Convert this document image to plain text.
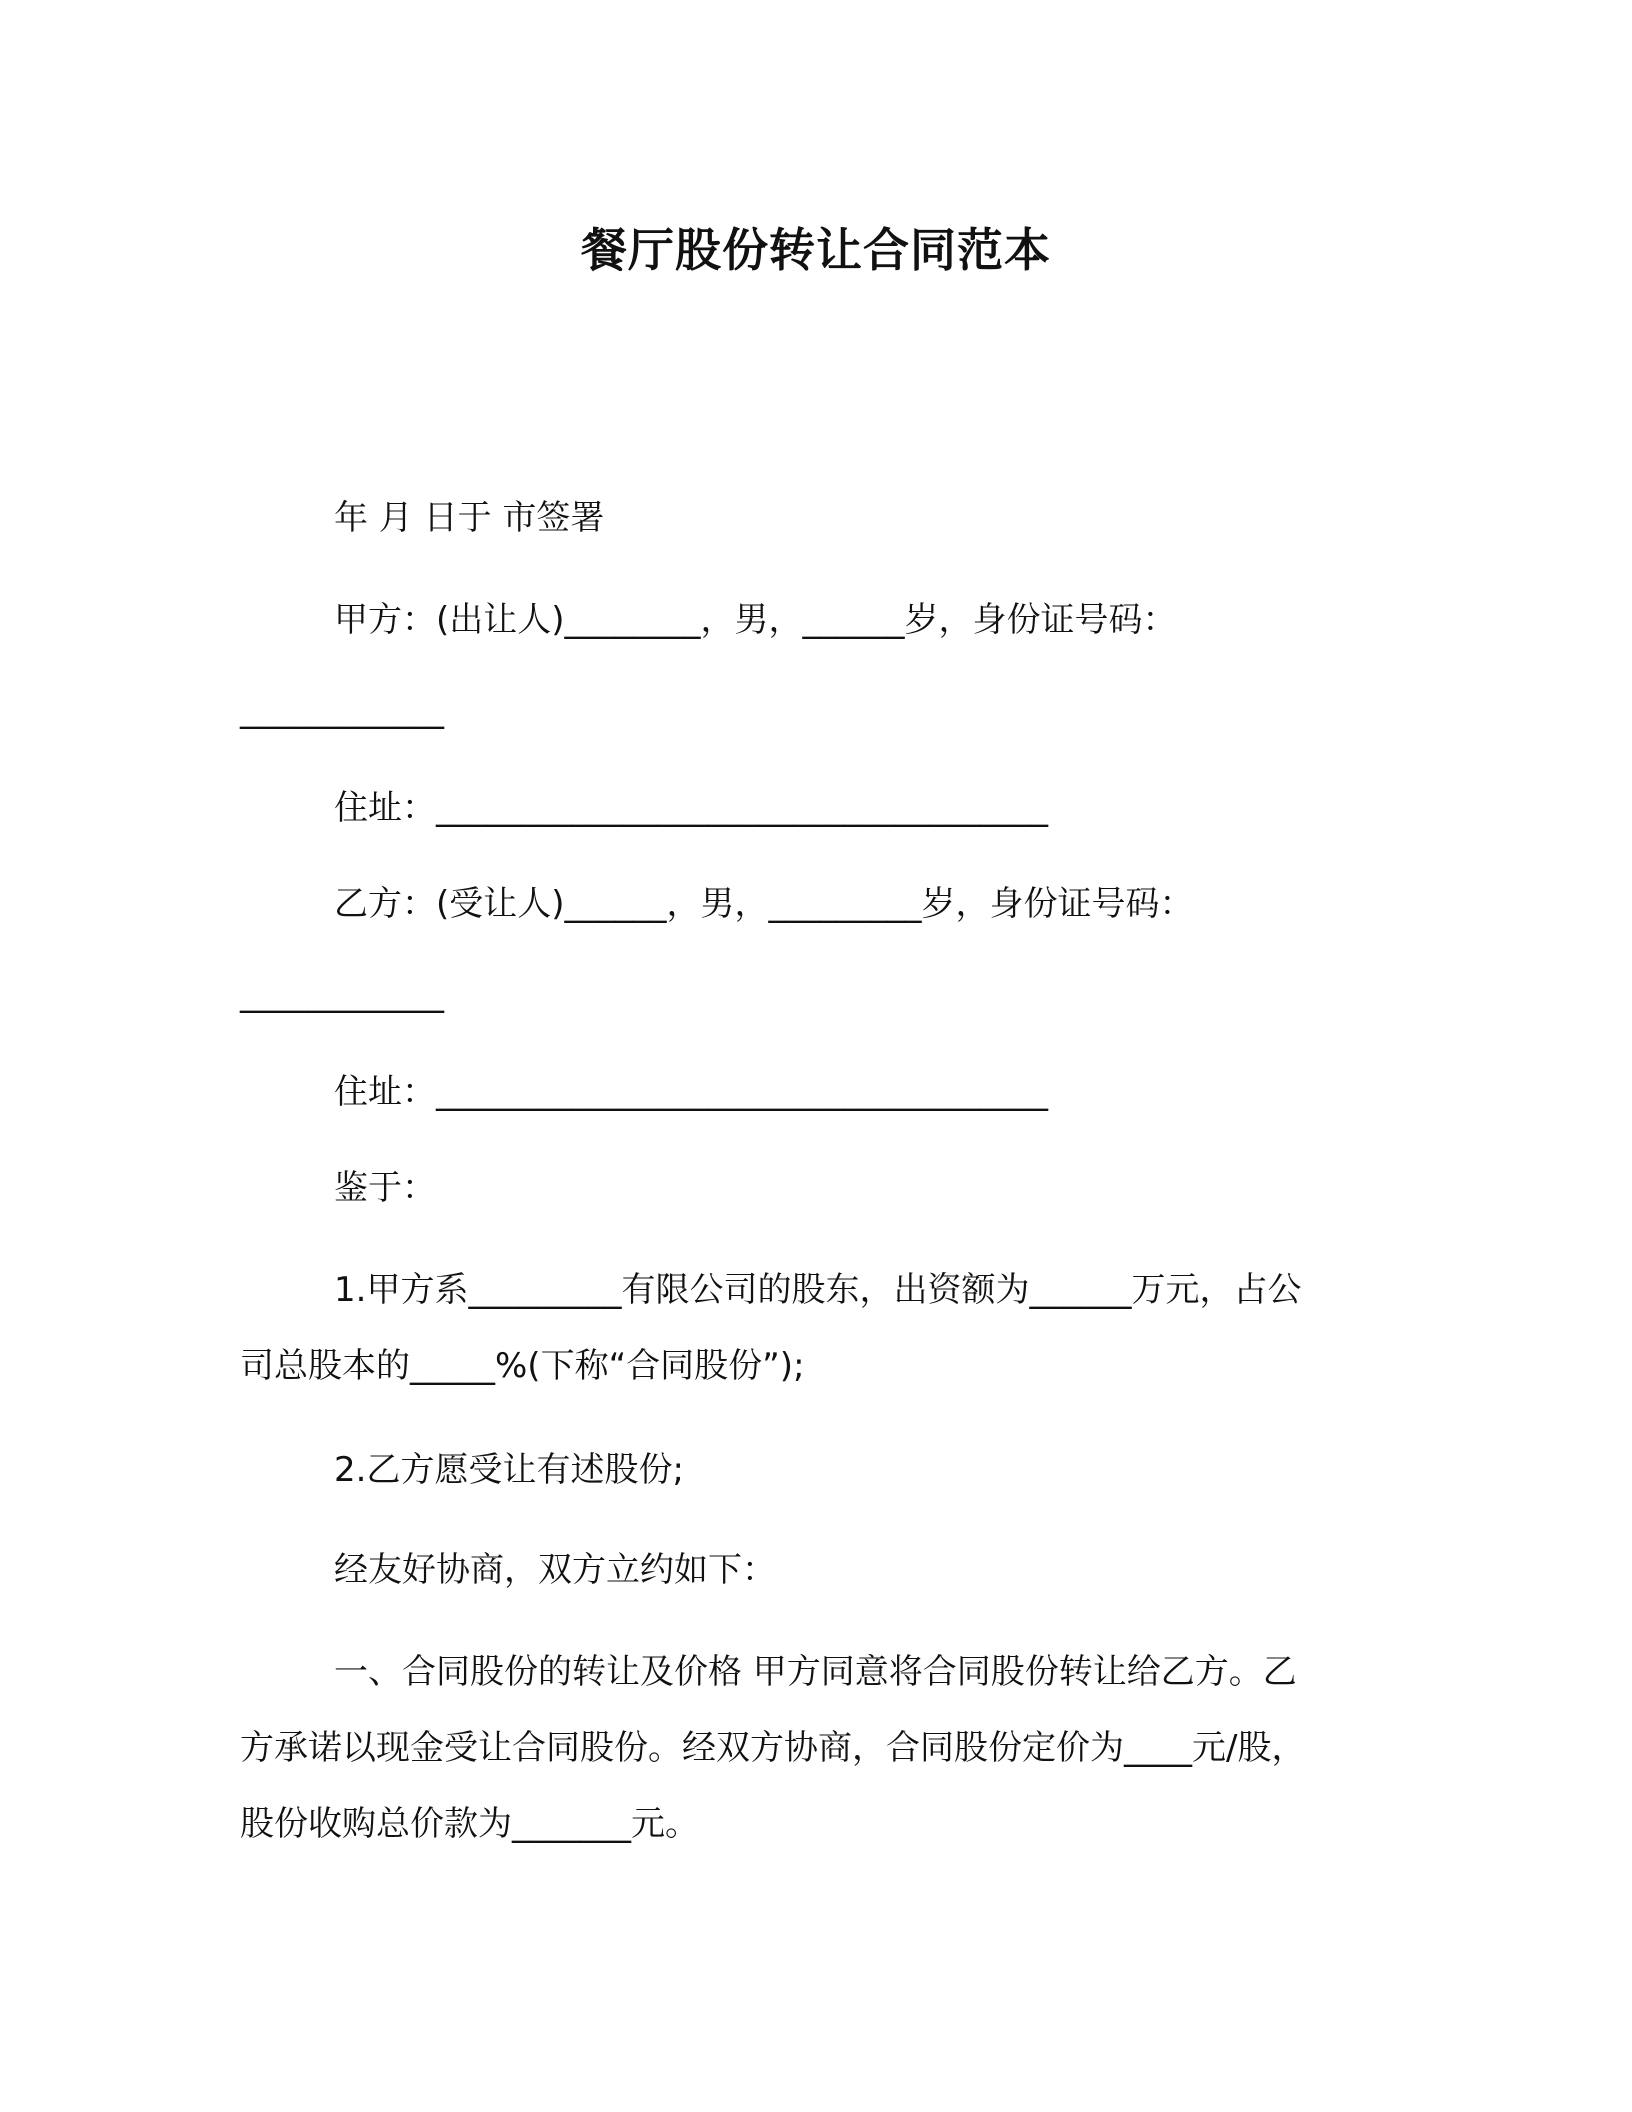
餐厅股份转让合同范本
年 月 日于 市签署
甲方：(出让人)________，男，______岁，身份证号码：
____________
住址：____________________________________
乙方：(受让人)______，男，_________岁，身份证号码：
____________
住址：____________________________________
鉴于：
1.甲方系_________有限公司的股东，出资额为______万元，占公
司总股本的_____%(下称“合同股份”);
2.乙方愿受让有述股份;
经友好协商，双方立约如下：
一、合同股份的转让及价格 甲方同意将合同股份转让给乙方。乙
方承诺以现金受让合同股份。经双方协商，合同股份定价为____元/股，
股份收购总价款为_______元。
